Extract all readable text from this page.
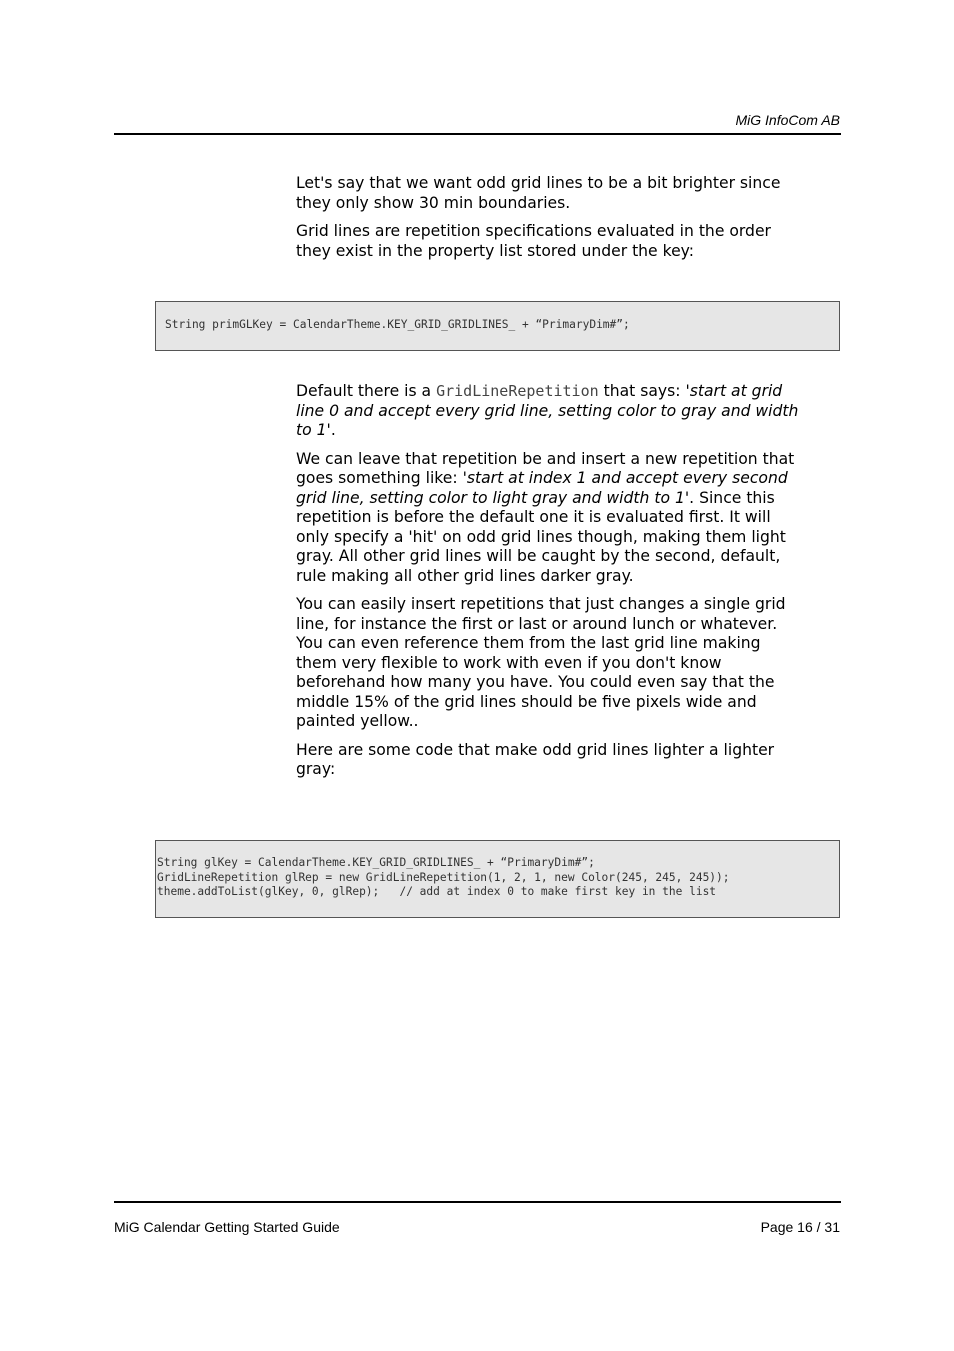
MiG InfoCom AB

Let's say that we want odd grid lines to be a bit brighter since they only show 30 min boundaries.

Grid lines are repetition specifications evaluated in the order they exist in the property list stored under the key:

String primGLKey = CalendarTheme.KEY_GRID_GRIDLINES_ + “PrimaryDim#”;

Default there is a GridLineRepetition that says: 'start at grid line 0 and accept every grid line, setting color to gray and width to 1'.

We can leave that repetition be and insert a new repetition that goes something like: 'start at index 1 and accept every second grid line, setting color to light gray and width to 1'. Since this repetition is before the default one it is evaluated first. It will only specify a 'hit' on odd grid lines though, making them light gray. All other grid lines will be caught by the second, default, rule making all other grid lines darker gray.

You can easily insert repetitions that just changes a single grid line, for instance the first or last or around lunch or whatever. You can even reference them from the last grid line making them very flexible to work with even if you don't know beforehand how many you have. You could even say that the middle 15% of the grid lines should be five pixels wide and painted yellow..

Here are some code that make odd grid lines lighter a lighter gray:

String glKey = CalendarTheme.KEY_GRID_GRIDLINES_ + “PrimaryDim#”;
GridLineRepetition glRep = new GridLineRepetition(1, 2, 1, new Color(245, 245, 245));
theme.addToList(glKey, 0, glRep);   // add at index 0 to make first key in the list
MiG Calendar Getting Started Guide	Page 16 / 31
